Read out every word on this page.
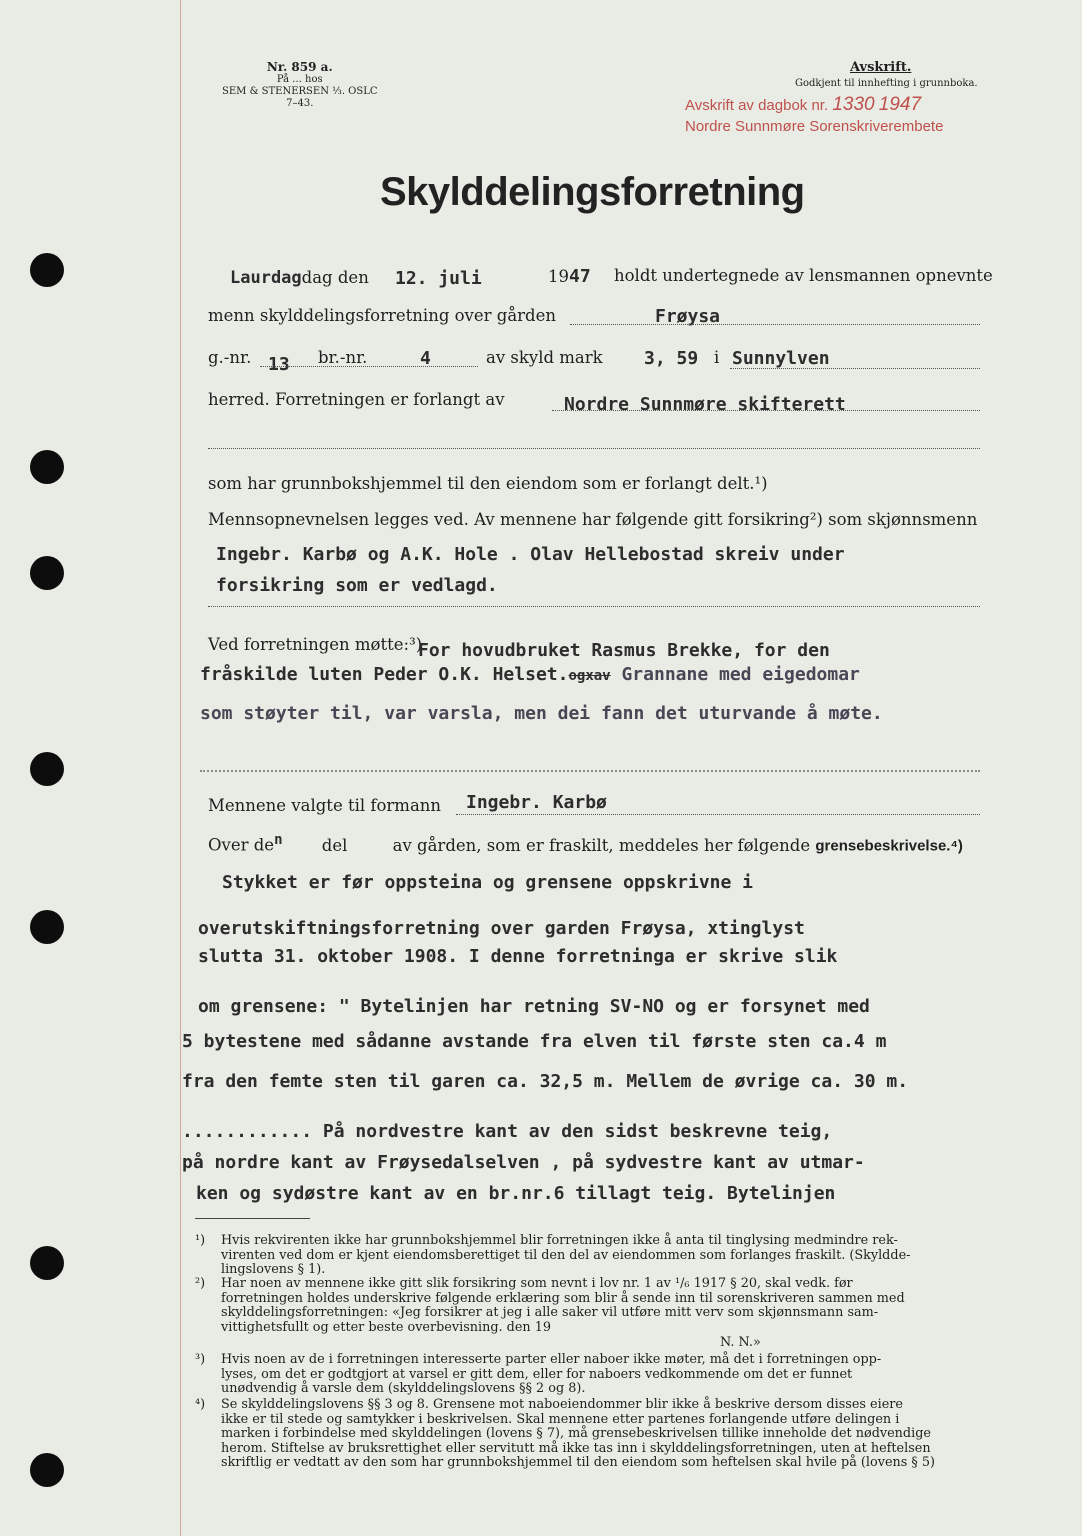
Nr. 859 a.
På ... hos
SEM & STENERSEN ⅓. OSLC
7–43.
Avskrift.
Godkjent til innhefting i grunnboka.
Avskrift av dagbok nr. 1330 1947
Nordre Sunnmøre Sorenskriverembete
Skylddelingsforretning
Laurdagdag den 12. juli	1947 holdt undertegnede av lensmannen opnevnte
menn skylddelingsforretning over gården	Frøysa
g.-nr. 13 br.-nr.	4	av skyld mark 3, 59 i Sunnylven
herred. Forretningen er forlangt av	Nordre Sunnmøre skifterett
som har grunnbokshjemmel til den eiendom som er forlangt delt.¹)
Mennsopnevnelsen legges ved. Av mennene har følgende gitt forsikring²) som skjønnsmenn
Ingebr. Karbø og A.K. Hole . Olav Hellebostad skreiv under
forsikring som er vedlagd.
Ved forretningen møtte:³)
For hovudbruket Rasmus Brekke, for den
fråskilde luten Peder O.K. Helset.ogxav Grannane med eigedomar
som støyter til, var varsla, men dei fann det uturvande å møte.
Mennene valgte til formann Ingebr. Karbø
Over $de^n$ del	av gården, som er fraskilt, meddeles her følgende grensebeskrivelse.⁴)
Stykket er før oppsteina og grensene oppskrivne i
overutskiftningsforretning over garden Frøysa, xtinglyst
slutta 31. oktober 1908. I denne forretninga er skrive slik
om grensene: " Bytelinjen har retning SV-NO og er forsynet med
5 bytestene med sådanne avstande fra elven til første sten ca.4 m
fra den femte sten til garen ca. 32,5 m. Mellem de øvrige ca. 30 m.
............ På nordvestre kant av den sidst beskrevne teig,
på nordre kant av Frøysedalselven , på sydvestre kant av utmar-
ken og sydøstre kant av en br.nr.6 tillagt teig. Bytelinjen
¹)	Hvis rekvirenten ikke har grunnbokshjemmel blir forretningen ikke å anta til tinglysing medmindre rek-
virenten ved dom er kjent eiendomsberettiget til den del av eiendommen som forlanges fraskilt. (Skyldde-
lingslovens § 1).
²)	Har noen av mennene ikke gitt slik forsikring som nevnt i lov nr. 1 av ¹/₆ 1917 § 20, skal vedk. før
forretningen holdes underskrive følgende erklæring som blir å sende inn til sorenskriveren sammen med
skylddelingsforretningen: «Jeg forsikrer at jeg i alle saker vil utføre mitt verv som skjønnsmann sam-
vittighetsfullt og etter beste overbevisning. den 19
N. N.»
³)	Hvis noen av de i forretningen interesserte parter eller naboer ikke møter, må det i forretningen opp-
lyses, om det er godtgjort at varsel er gitt dem, eller for naboers vedkommende om det er funnet
unødvendig å varsle dem (skylddelingslovens §§ 2 og 8).
⁴)	Se skylddelingslovens §§ 3 og 8. Grensene mot naboeiendommer blir ikke å beskrive dersom disses eiere
ikke er til stede og samtykker i beskrivelsen. Skal mennene etter partenes forlangende utføre delingen i
marken i forbindelse med skylddelingen (lovens § 7), må grensebeskrivelsen tillike inneholde det nødvendige
herom. Stiftelse av bruksrettighet eller servitutt må ikke tas inn i skylddelingsforretningen, uten at heftelsen
skriftlig er vedtatt av den som har grunnbokshjemmel til den eiendom som heftelsen skal hvile på (lovens § 5)
